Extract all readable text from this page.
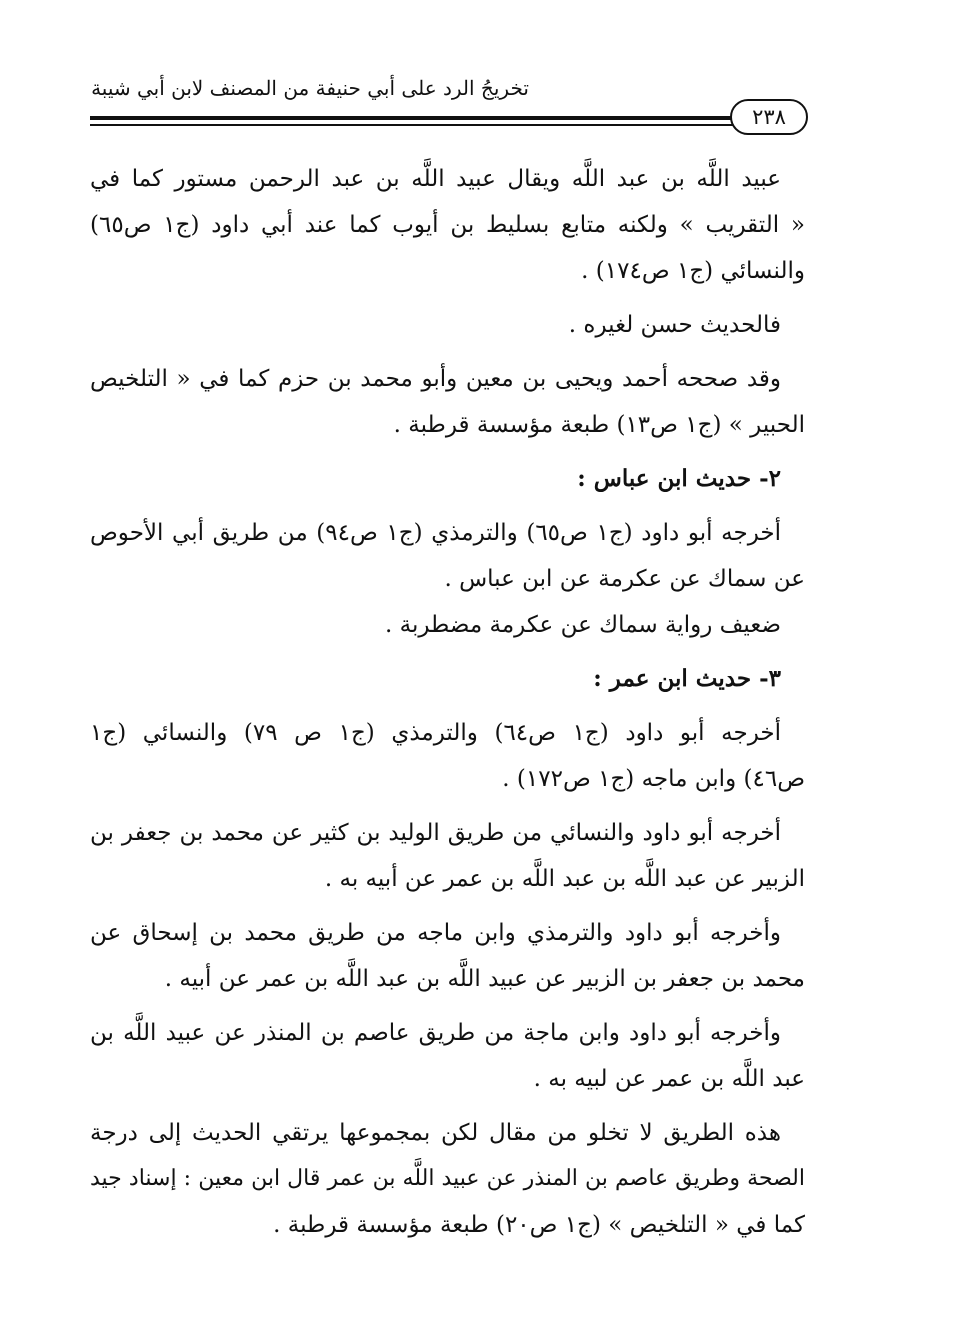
تخريجُ الرد على أبي حنيفة من المصنف لابن أبي شيبة
٢٣٨
عبيد اللَّه بن عبد اللَّه ويقال عبيد اللَّه بن عبد الرحمن مستور كما في
« التقريب » ولكنه متابع بسليط بن أيوب كما عند أبي داود (ج١ ص٦٥)
والنسائي (ج١ ص١٧٤) .
فالحديث حسن لغيره .
وقد صححه أحمد ويحيى بن معين وأبو محمد بن حزم كما في « التلخيص
الحبير » (ج١ ص١٣) طبعة مؤسسة قرطبة .
٢- حديث ابن عباس :
أخرجه أبو داود (ج١ ص٦٥) والترمذي (ج١ ص٩٤) من طريق أبي الأحوص
عن سماك عن عكرمة عن ابن عباس .
ضعيف رواية سماك عن عكرمة مضطربة .
٣- حديث ابن عمر :
أخرجه أبو داود (ج١ ص٦٤) والترمذي (ج١ ص ٧٩) والنسائي (ج١
ص٤٦) وابن ماجه (ج١ ص١٧٢) .
أخرجه أبو داود والنسائي من طريق الوليد بن كثير عن محمد بن جعفر بن
الزبير عن عبد اللَّه بن عبد اللَّه بن عمر عن أبيه به .
وأخرجه أبو داود والترمذي وابن ماجه من طريق محمد بن إسحاق عن
محمد بن جعفر بن الزبير عن عبيد اللَّه بن عبد اللَّه بن عمر عن أبيه .
وأخرجه أبو داود وابن ماجة من طريق عاصم بن المنذر عن عبيد اللَّه بن
عبد اللَّه بن عمر عن لبيه به .
هذه الطريق لا تخلو من مقال لكن بمجموعها يرتقي الحديث إلى درجة
الصحة وطريق عاصم بن المنذر عن عبيد اللَّه بن عمر قال ابن معين : إسناد جيد
كما في « التلخيص » (ج١ ص٢٠) طبعة مؤسسة قرطبة .
